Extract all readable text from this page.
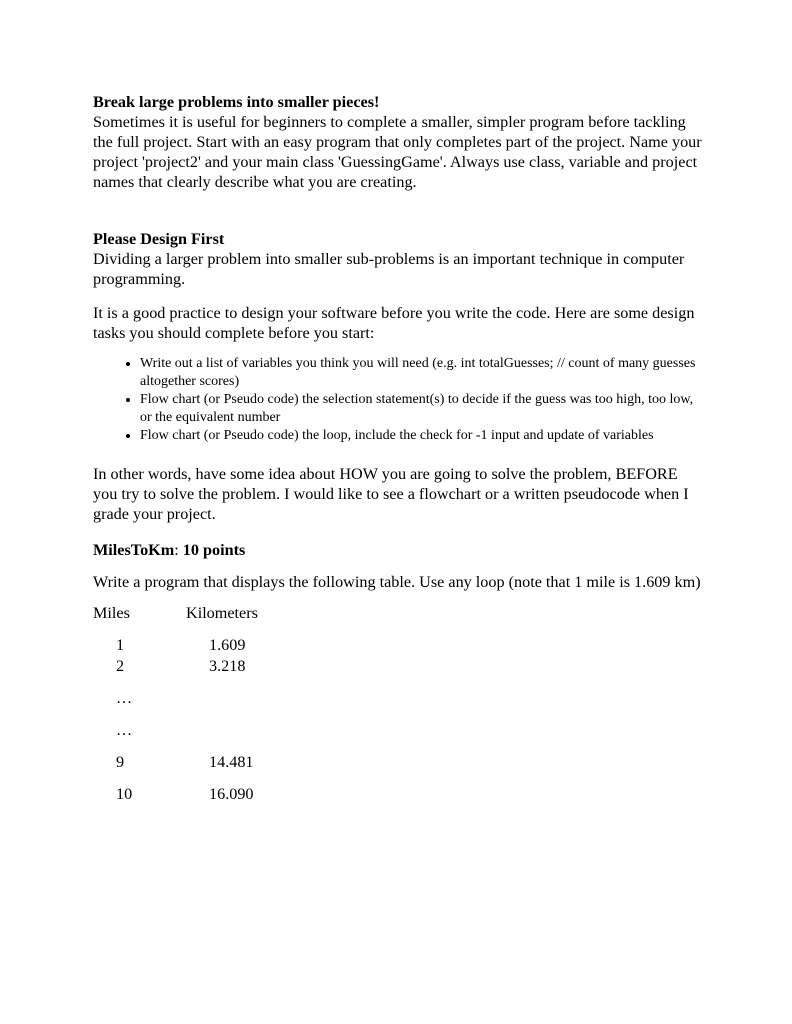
Break large problems into smaller pieces!
Sometimes it is useful for beginners to complete a smaller, simpler program before tackling the full project. Start with an easy program that only completes part of the project. Name your project 'project2' and your main class 'GuessingGame'. Always use class, variable and project names that clearly describe what you are creating.

Please Design First
Dividing a larger problem into smaller sub-problems is an important technique in computer programming.

It is a good practice to design your software before you write the code. Here are some design tasks you should complete before you start:

• Write out a list of variables you think you will need (e.g. int totalGuesses; // count of many guesses altogether scores)
• Flow chart (or Pseudo code) the selection statement(s) to decide if the guess was too high, too low, or the equivalent number
• Flow chart (or Pseudo code) the loop, include the check for -1 input and update of variables

In other words, have some idea about HOW you are going to solve the problem, BEFORE you try to solve the problem. I would like to see a flowchart or a written pseudocode when I grade your project.

MilesToKm: 10 points

Write a program that displays the following table. Use any loop (note that 1 mile is 1.609 km)

Miles	Kilometers
1	1.609
2	3.218
…
…
9	14.481
10	16.090
